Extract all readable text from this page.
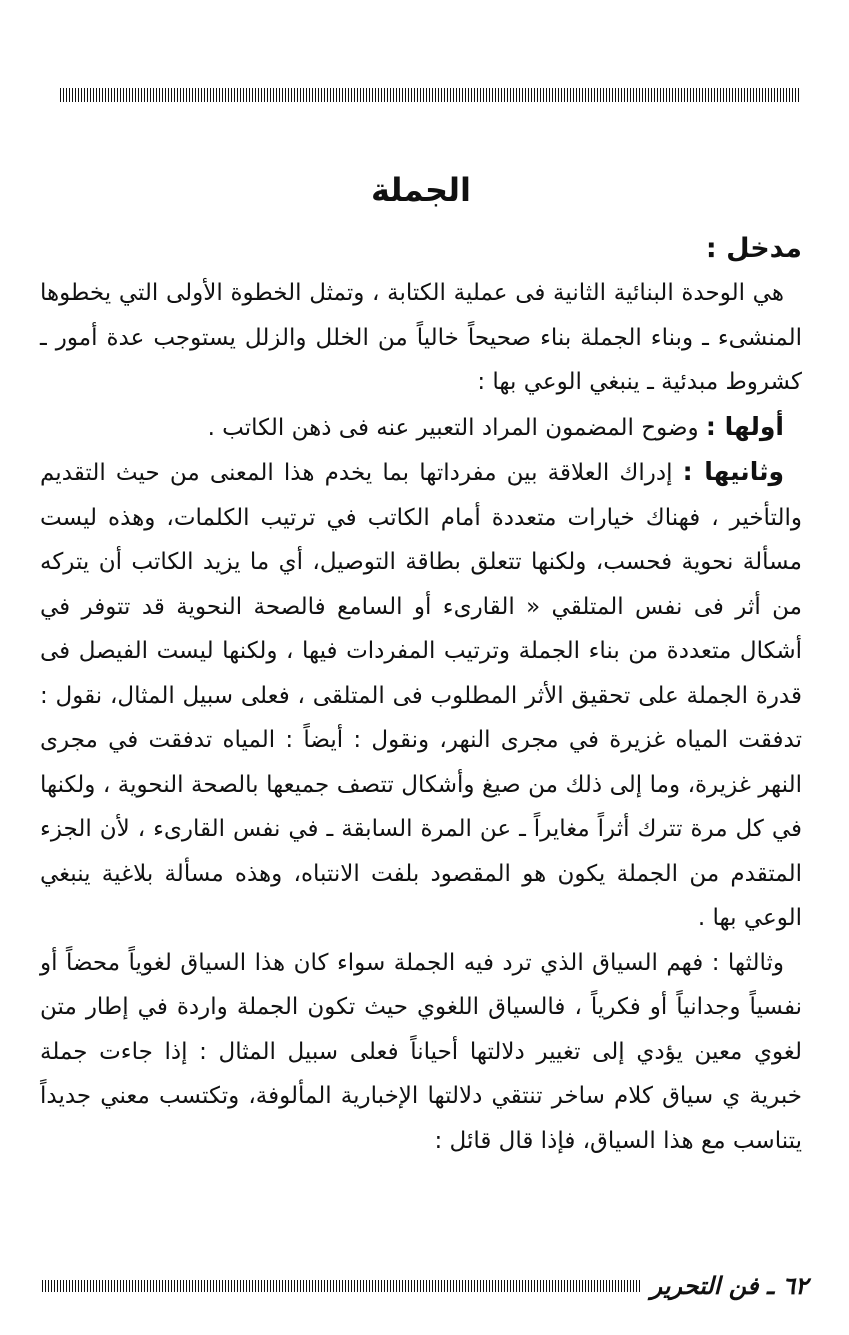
الجملة
مدخل :

هي الوحدة البنائية الثانية فى عملية الكتابة ، وتمثل الخطوة الأولى التي يخطوها المنشىء ـ وبناء الجملة بناء صحيحاً خالياً من الخلل والزلل يستوجب عدة أمور ـ كشروط مبدئية ـ ينبغي الوعي بها :

أولها : وضوح المضمون المراد التعبير عنه فى ذهن الكاتب .

وثانيها : إدراك العلاقة بين مفرداتها بما يخدم هذا المعنى من حيث التقديم والتأخير ، فهناك خيارات متعددة أمام الكاتب في ترتيب الكلمات، وهذه ليست مسألة نحوية فحسب، ولكنها تتعلق بطاقة التوصيل، أي ما يزيد الكاتب أن يتركه من أثر فى نفس المتلقي « القارىء أو السامع فالصحة النحوية قد تتوفر في أشكال متعددة من بناء الجملة وترتيب المفردات فيها ، ولكنها ليست الفيصل فى قدرة الجملة على تحقيق الأثر المطلوب فى المتلقى ، فعلى سبيل المثال، نقول : تدفقت المياه غزيرة في مجرى النهر، ونقول : أيضاً : المياه تدفقت في مجرى النهر غزيرة، وما إلى ذلك من صيغ وأشكال تتصف جميعها بالصحة النحوية ، ولكنها في كل مرة تترك أثراً مغايراً ـ عن المرة السابقة ـ في نفس القارىء ، لأن الجزء المتقدم من الجملة يكون هو المقصود بلفت الانتباه، وهذه مسألة بلاغية ينبغي الوعي بها .

وثالثها : فهم السياق الذي ترد فيه الجملة سواء كان هذا السياق لغوياً محضاً أو نفسياً وجدانياً أو فكرياً ، فالسياق اللغوي حيث تكون الجملة واردة في إطار متن لغوي معين يؤدي إلى تغيير دلالتها أحياناً فعلى سبيل المثال : إذا جاءت جملة خبرية ي سياق كلام ساخر تنتقي دلالتها الإخبارية المألوفة، وتكتسب معني جديداً يتناسب مع هذا السياق، فإذا قال قائل :

٦٢ ـ فن التحرير
